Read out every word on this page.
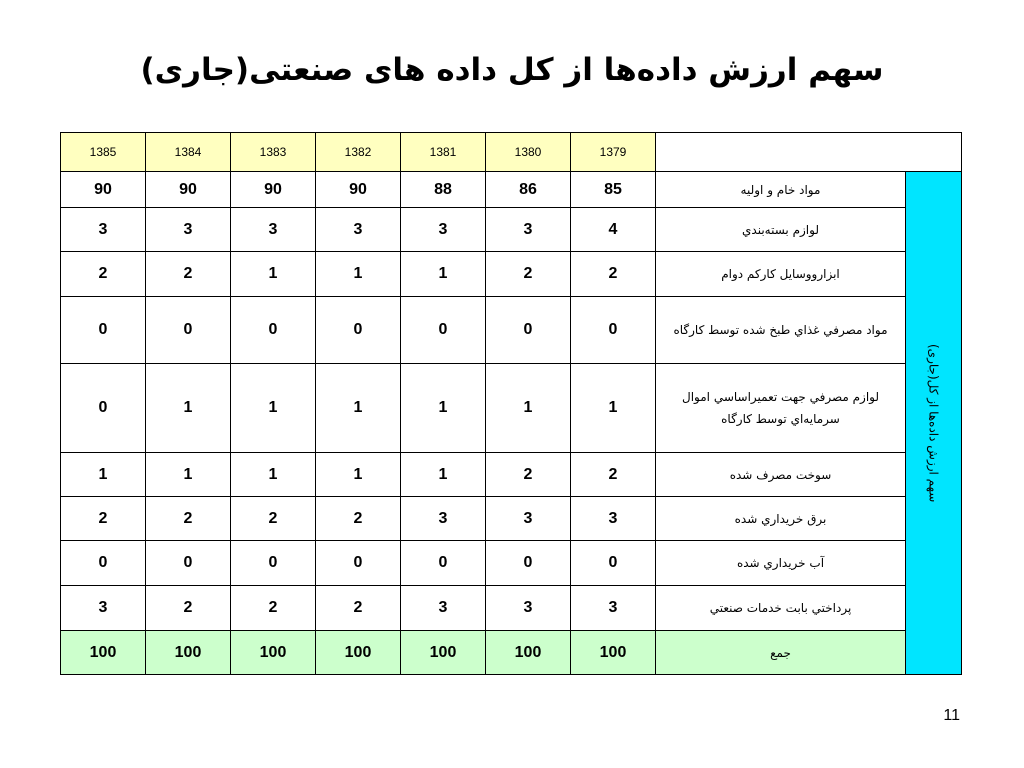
سهم ارزش داده‌ها از كل داده های صنعتی(جاری)
1385	1384	1383	1382	1381	1380	1379		
90	90	90	90	88	86	85	مواد خام و اوليه	سهم ارزش داده‌ها از كل(جاری)

3	3	3	3	3	3	4	لوازم بسته‌بندي	
2	2	1	1	1	2	2	ابزاروو‌سايل كاركم دوام	
0	0	0	0	0	0	0	مواد مصرفي غذاي طبخ شده توسط كارگاه	
0	1	1	1	1	1	1	لوازم مصرفي جهت تعميراساسي اموال سرمايه‌اي توسط كارگاه	
1	1	1	1	1	2	2	سوخت مصرف شده	
2	2	2	2	3	3	3	برق خريداري شده	
0	0	0	0	0	0	0	آب خريداري شده	
3	2	2	2	3	3	3	پرداختي بابت خدمات صنعتي	
100	100	100	100	100	100	100	جمع	
11
